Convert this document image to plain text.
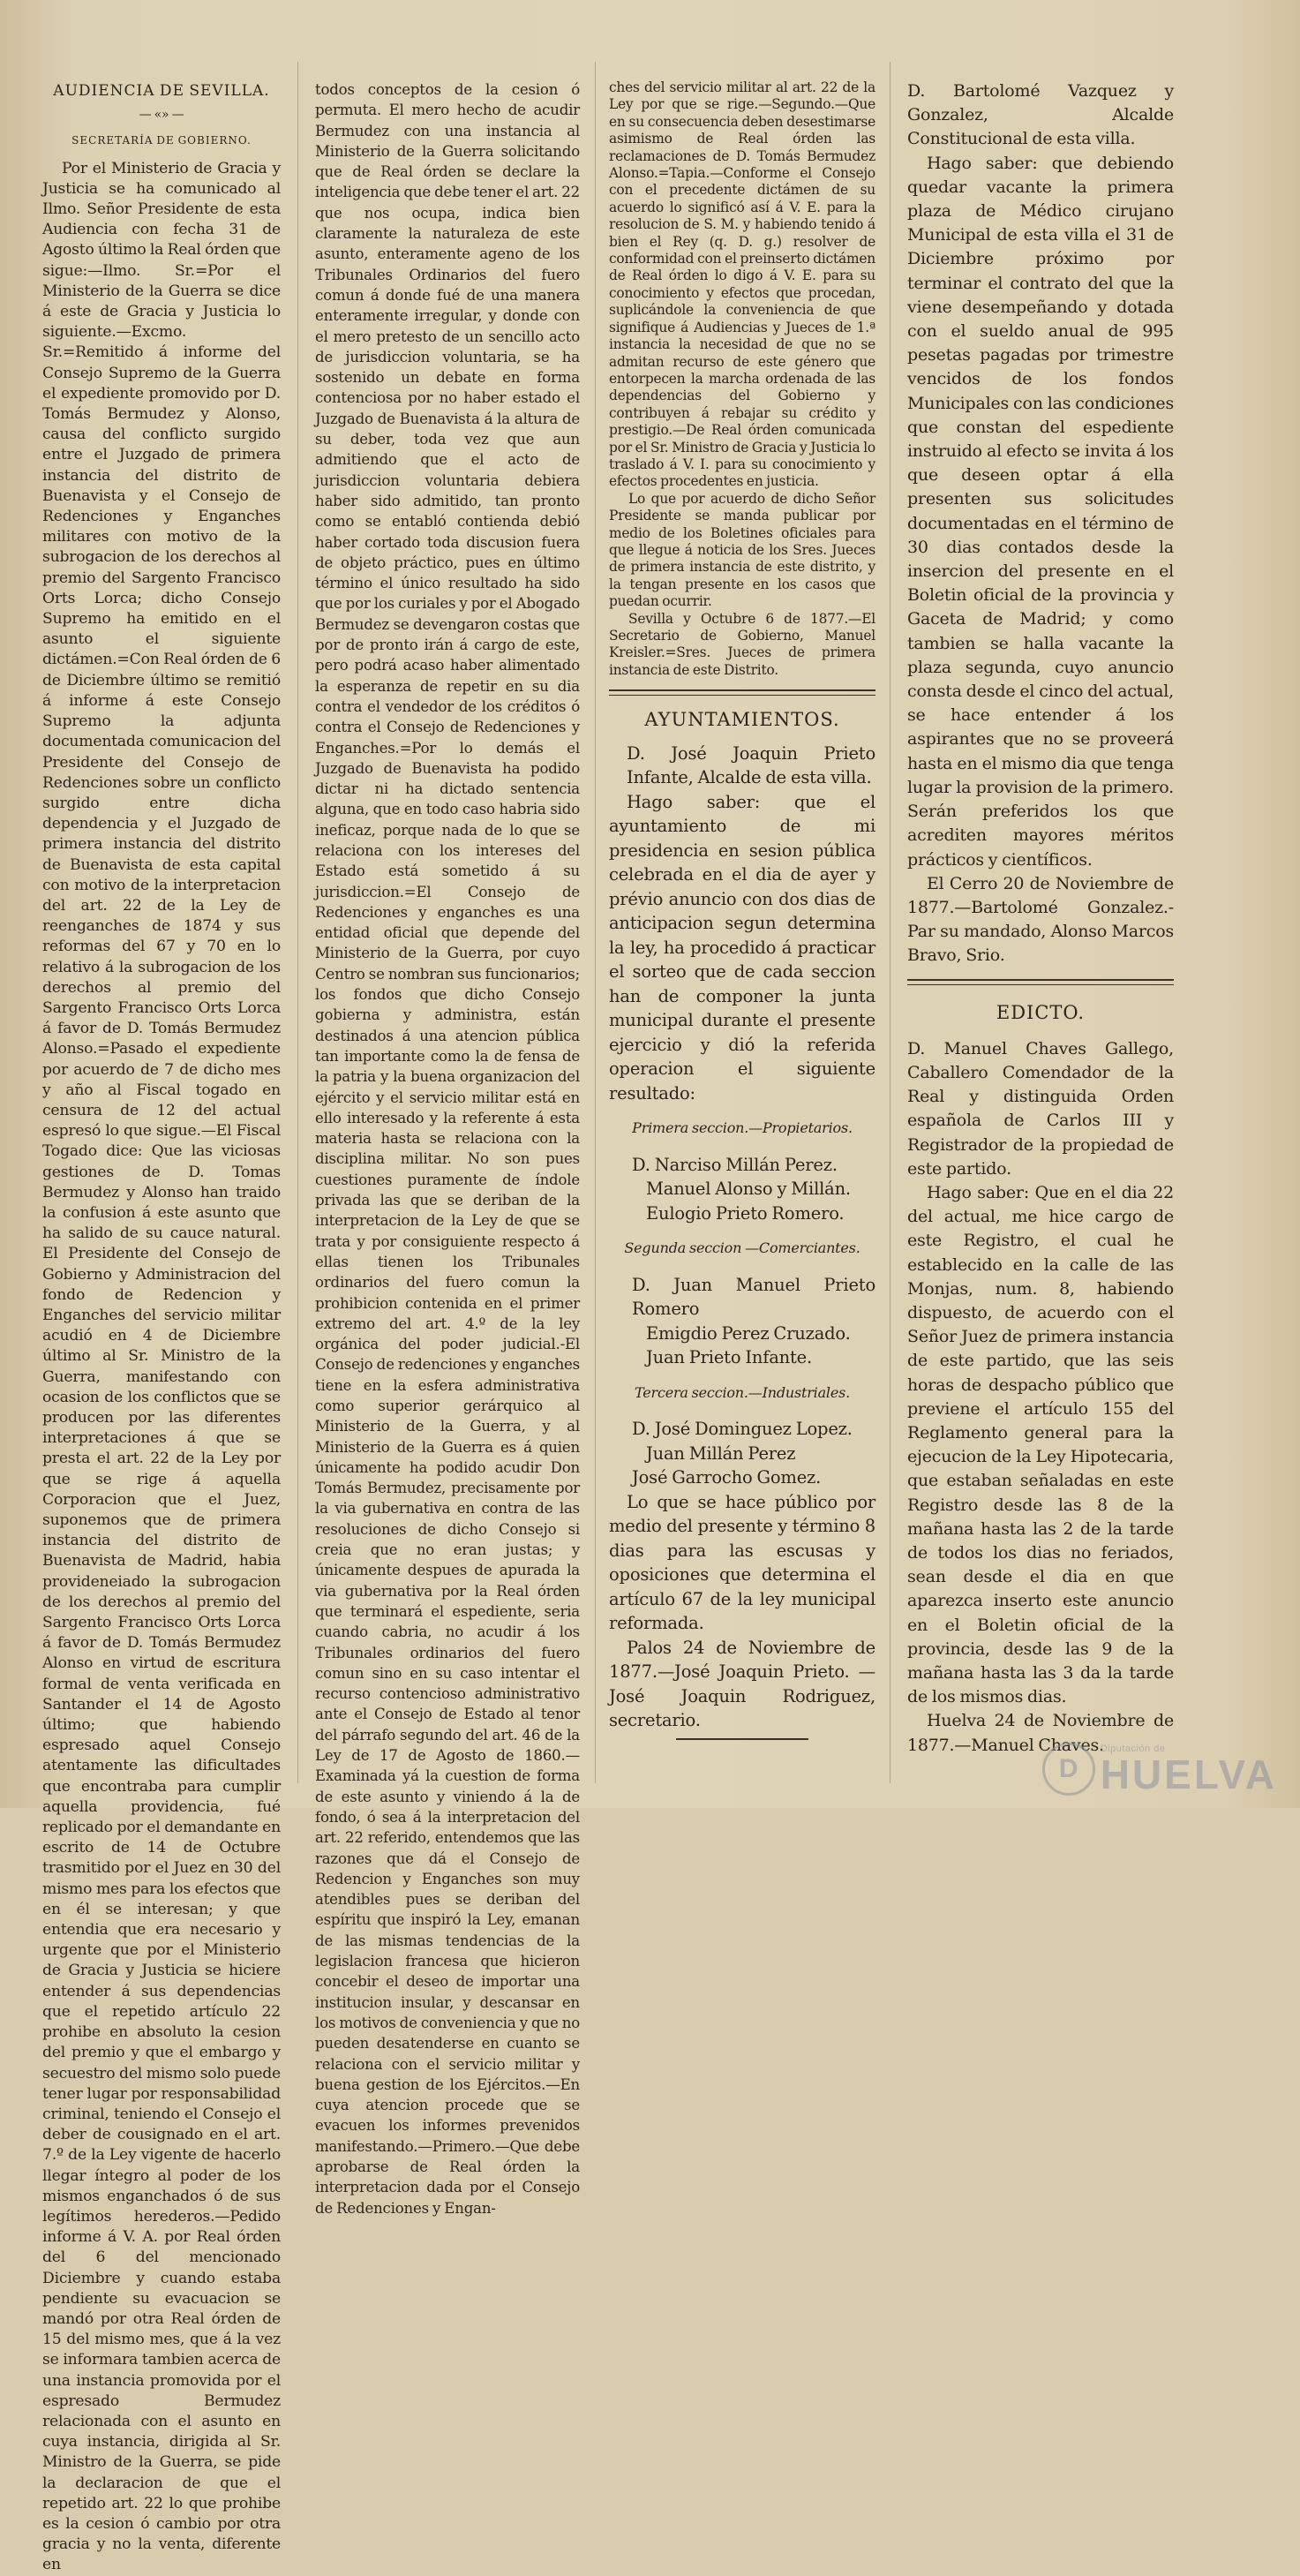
AUDIENCIA DE SEVILLA.
— «» —
SECRETARÍA DE GOBIERNO.

Por el Ministerio de Gracia y Justicia se ha comunicado al Ilmo. Señor Presidente de esta Audiencia con fecha 31 de Agosto último la Real órden que sigue:—Ilmo. Sr.=Por el Ministerio de la Guerra se dice á este de Gracia y Justicia lo siguiente.—Excmo. Sr.=Remitido á informe del Consejo Supremo de la Guerra el expediente promovido por D. Tomás Bermudez y Alonso, causa del conflicto surgido entre el Juzgado de primera instancia del distrito de Buenavista y el Consejo de Redenciones y Enganches militares con motivo de la subrogacion de los derechos al premio del Sargento Francisco Orts Lorca; dicho Consejo Supremo ha emitido en el asunto el siguiente dictámen.=Con Real órden de 6 de Diciembre último se remitió á informe á este Consejo Supremo la adjunta documentada comunicacion del Presidente del Consejo de Redenciones sobre un conflicto surgido entre dicha dependencia y el Juzgado de primera instancia del distrito de Buenavista de esta capital con motivo de la interpretacion del art. 22 de la Ley de reenganches de 1874 y sus reformas del 67 y 70 en lo relativo á la subrogacion de los derechos al premio del Sargento Francisco Orts Lorca á favor de D. Tomás Bermudez Alonso.=Pasado el expediente por acuerdo de 7 de dicho mes y año al Fiscal togado en censura de 12 del actual espresó lo que sigue.—El Fiscal Togado dice: Que las viciosas gestiones de D. Tomas Bermudez y Alonso han traido la confusion á este asunto que ha salido de su cauce natural. El Presidente del Consejo de Gobierno y Administracion del fondo de Redencion y Enganches del servicio militar acudió en 4 de Diciembre último al Sr. Ministro de la Guerra, manifestando con ocasion de los conflictos que se producen por las diferentes interpretaciones á que se presta el art. 22 de la Ley por que se rige á aquella Corporacion que el Juez, suponemos que de primera instancia del distrito de Buenavista de Madrid, habia provideneiado la subrogacion de los derechos al premio del Sargento Francisco Orts Lorca á favor de D. Tomás Bermudez Alonso en virtud de escritura formal de venta verificada en Santander el 14 de Agosto último; que habiendo espresado aquel Consejo atentamente las dificultades que encontraba para cumplir aquella providencia, fué replicado por el demandante en escrito de 14 de Octubre trasmitido por el Juez en 30 del mismo mes para los efectos que en él se interesan; y que entendia que era necesario y urgente que por el Ministerio de Gracia y Justicia se hiciere entender á sus dependencias que el repetido artículo 22 prohibe en absoluto la cesion del premio y que el embargo y secuestro del mismo solo puede tener lugar por responsabilidad criminal, teniendo el Consejo el deber de cousignado en el art. 7.º de la Ley vigente de hacerlo llegar íntegro al poder de los mismos enganchados ó de sus legítimos herederos.—Pedido informe á V. A. por Real órden del 6 del mencionado Diciembre y cuando estaba pendiente su evacuacion se mandó por otra Real órden de 15 del mismo mes, que á la vez se informara tambien acerca de una instancia promovida por el espresado Bermudez relacionada con el asunto en cuya instancia, dirigida al Sr. Ministro de la Guerra, se pide la declaracion de que el repetido art. 22 lo que prohibe es la cesion ó cambio por otra gracia y no la venta, diferente en

todos conceptos de la cesion ó permuta. El mero hecho de acudir Bermudez con una instancia al Ministerio de la Guerra solicitando que de Real órden se declare la inteligencia que debe tener el art. 22 que nos ocupa, indica bien claramente la naturaleza de este asunto, enteramente ageno de los Tribunales Ordinarios del fuero comun á donde fué de una manera enteramente irregular, y donde con el mero pretesto de un sencillo acto de jurisdiccion voluntaria, se ha sostenido un debate en forma contenciosa por no haber estado el Juzgado de Buenavista á la altura de su deber, toda vez que aun admitiendo que el acto de jurisdiccion voluntaria debiera haber sido admitido, tan pronto como se entabló contienda debió haber cortado toda discusion fuera de objeto práctico, pues en último término el único resultado ha sido que por los curiales y por el Abogado Bermudez se devengaron costas que por de pronto irán á cargo de este, pero podrá acaso haber alimentado la esperanza de repetir en su dia contra el vendedor de los créditos ó contra el Consejo de Redenciones y Enganches.=Por lo demás el Juzgado de Buenavista ha podido dictar ni ha dictado sentencia alguna, que en todo caso habria sido ineficaz, porque nada de lo que se relaciona con los intereses del Estado está sometido á su jurisdiccion.=El Consejo de Redenciones y enganches es una entidad oficial que depende del Ministerio de la Guerra, por cuyo Centro se nombran sus funcionarios; los fondos que dicho Consejo gobierna y administra, están destinados á una atencion pública tan importante como la de fensa de la patria y la buena organizacion del ejército y el servicio militar está en ello interesado y la referente á esta materia hasta se relaciona con la disciplina militar. No son pues cuestiones puramente de índole privada las que se deriban de la interpretacion de la Ley de que se trata y por consiguiente respecto á ellas tienen los Tribunales ordinarios del fuero comun la prohibicion contenida en el primer extremo del art. 4.º de la ley orgánica del poder judicial.-El Consejo de redenciones y enganches tiene en la esfera administrativa como superior gerárquico al Ministerio de la Guerra, y al Ministerio de la Guerra es á quien únicamente ha podido acudir Don Tomás Bermudez, precisamente por la via gubernativa en contra de las resoluciones de dicho Consejo si creia que no eran justas; y únicamente despues de apurada la via gubernativa por la Real órden que terminará el espediente, seria cuando cabria, no acudir á los Tribunales ordinarios del fuero comun sino en su caso intentar el recurso contencioso administrativo ante el Consejo de Estado al tenor del párrafo segundo del art. 46 de la Ley de 17 de Agosto de 1860.—Examinada yá la cuestion de forma de este asunto y viniendo á la de fondo, ó sea á la interpretacion del art. 22 referido, entendemos que las razones que dá el Consejo de Redencion y Enganches son muy atendibles pues se deriban del espíritu que inspiró la Ley, emanan de las mismas tendencias de la legislacion francesa que hicieron concebir el deseo de importar una institucion insular, y descansar en los motivos de conveniencia y que no pueden desatenderse en cuanto se relaciona con el servicio militar y buena gestion de los Ejércitos.—En cuya atencion procede que se evacuen los informes prevenidos manifestando.—Primero.—Que debe aprobarse de Real órden la interpretacion dada por el Consejo de Redenciones y Engan-

ches del servicio militar al art. 22 de la Ley por que se rige.—Segundo.—Que en su consecuencia deben desestimarse asimismo de Real órden las reclamaciones de D. Tomás Bermudez Alonso.=Tapia.—Conforme el Consejo con el precedente dictámen de su acuerdo lo significó así á V. E. para la resolucion de S. M. y habiendo tenido á bien el Rey (q. D. g.) resolver de conformidad con el preinserto dictámen de Real órden lo digo á V. E. para su conocimiento y efectos que procedan, suplicándole la conveniencia de que signifique á Audiencias y Jueces de 1.ª instancia la necesidad de que no se admitan recurso de este género que entorpecen la marcha ordenada de las dependencias del Gobierno y contribuyen á rebajar su crédito y prestigio.—De Real órden comunicada por el Sr. Ministro de Gracia y Justicia lo traslado á V. I. para su conocimiento y efectos procedentes en justicia.

Lo que por acuerdo de dicho Señor Presidente se manda publicar por medio de los Boletines oficiales para que llegue á noticia de los Sres. Jueces de primera instancia de este distrito, y la tengan presente en los casos que puedan ocurrir.

Sevilla y Octubre 6 de 1877.—El Secretario de Gobierno, Manuel Kreisler.=Sres. Jueces de primera instancia de este Distrito.

AYUNTAMIENTOS.

D. José Joaquin Prieto Infante, Alcalde de esta villa.

Hago saber: que el ayuntamiento de mi presidencia en sesion pública celebrada en el dia de ayer y prévio anuncio con dos dias de anticipacion segun determina la ley, ha procedido á practicar el sorteo que de cada seccion han de componer la junta municipal durante el presente ejercicio y dió la referida operacion el siguiente resultado:

Primera seccion.—Propietarios.
D. Narciso Millán Perez.
Manuel Alonso y Millán.
Eulogio Prieto Romero.
Segunda seccion —Comerciantes.
D. Juan Manuel Prieto Romero
Emigdio Perez Cruzado.
Juan Prieto Infante.
Tercera seccion.—Industriales.
D. José Dominguez Lopez.
Juan Millán Perez
José Garrocho Gomez.

Lo que se hace público por medio del presente y término 8 dias para las escusas y oposiciones que determina el artículo 67 de la ley municipal reformada.

Palos 24 de Noviembre de 1877.—José Joaquin Prieto. —José Joaquin Rodriguez, secretario.

D. Bartolomé Vazquez y Gonzalez, Alcalde Constitucional de esta villa.

Hago saber: que debiendo quedar vacante la primera plaza de Médico cirujano Municipal de esta villa el 31 de Diciembre próximo por terminar el contrato del que la viene desempeñando y dotada con el sueldo anual de 995 pesetas pagadas por trimestre vencidos de los fondos Municipales con las condiciones que constan del espediente instruido al efecto se invita á los que deseen optar á ella presenten sus solicitudes documentadas en el término de 30 dias contados desde la insercion del presente en el Boletin oficial de la provincia y Gaceta de Madrid; y como tambien se halla vacante la plaza segunda, cuyo anuncio consta desde el cinco del actual, se hace entender á los aspirantes que no se proveerá hasta en el mismo dia que tenga lugar la provision de la primero. Serán preferidos los que acrediten mayores méritos prácticos y científicos.

El Cerro 20 de Noviembre de 1877.—Bartolomé Gonzalez.-Par su mandado, Alonso Marcos Bravo, Srio.

EDICTO.

D. Manuel Chaves Gallego, Caballero Comendador de la Real y distinguida Orden española de Carlos III y Registrador de la propiedad de este partido.

Hago saber: Que en el dia 22 del actual, me hice cargo de este Registro, el cual he establecido en la calle de las Monjas, num. 8, habiendo dispuesto, de acuerdo con el Señor Juez de primera instancia de este partido, que las seis horas de despacho público que previene el artículo 155 del Reglamento general para la ejecucion de la Ley Hipotecaria, que estaban señaladas en este Registro desde las 8 de la mañana hasta las 2 de la tarde de todos los dias no feriados, sean desde el dia en que aparezca inserto este anuncio en el Boletin oficial de la provincia, desde las 9 de la mañana hasta las 3 da la tarde de los mismos dias.

Huelva 24 de Noviembre de 1877.—Manuel Chaves.

D
Diputación de
HUELVA
